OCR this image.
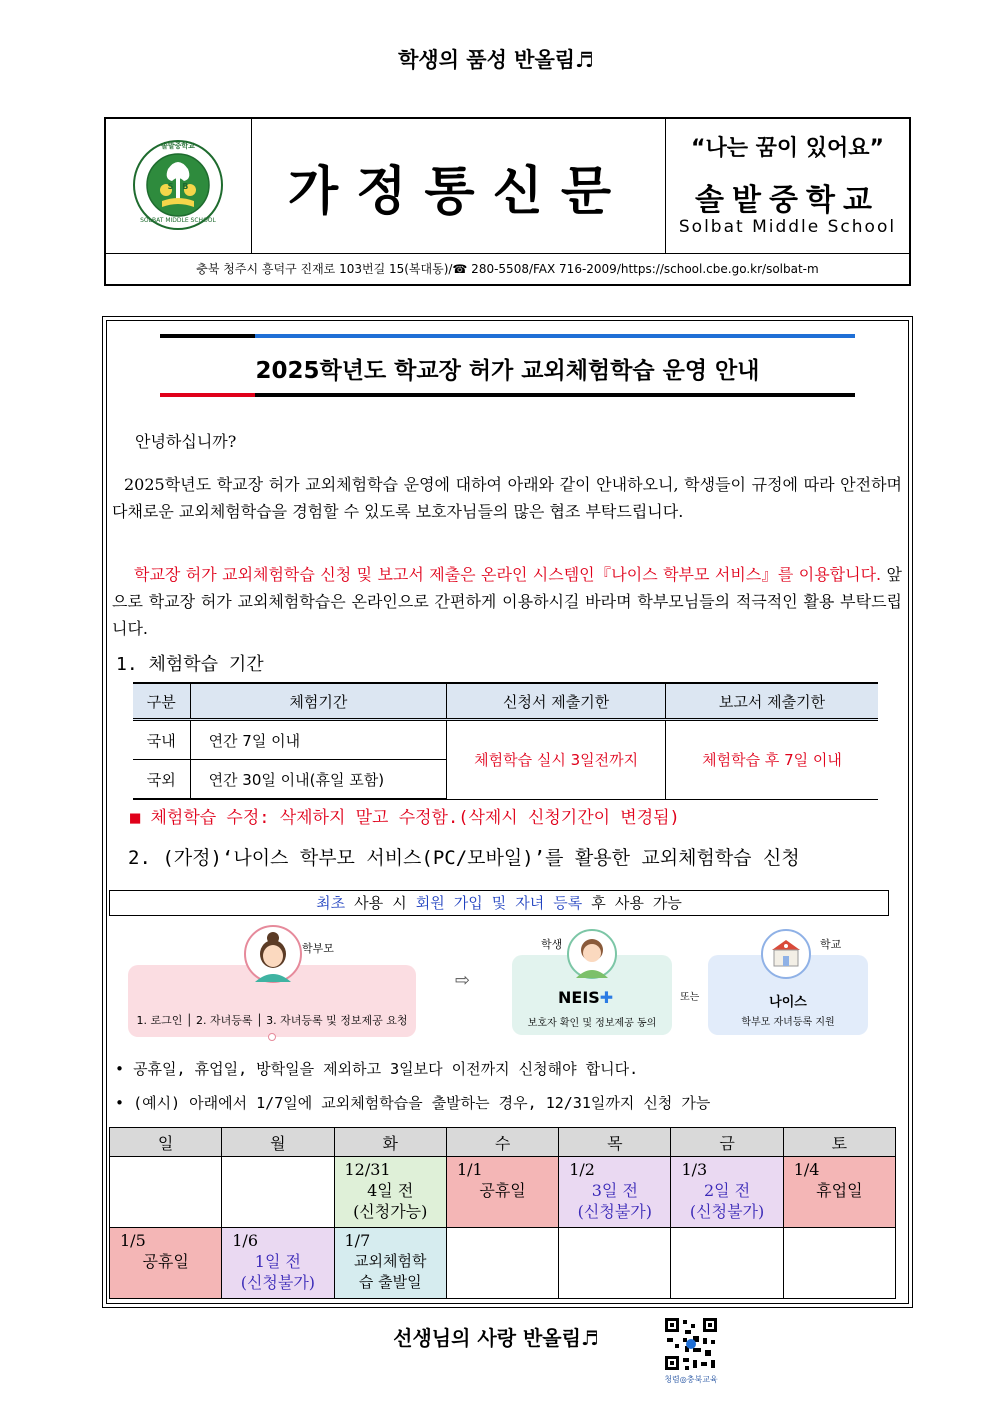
학생의 품성 반올림♬
솔밭중학교
SOLBAT MIDDLE SCHOOL
S B	가정통신문
“나는 꿈이 있어요”
솔밭중학교
Solbat Middle School
충북 청주시 흥덕구 진재로 103번길 15(복대동)/☎ 280-5508/FAX 716-2009/https://school.cbe.go.kr/solbat-m
2025학년도 학교장 허가 교외체험학습 운영 안내
안녕하십니까?
2025학년도 학교장 허가 교외체험학습 운영에 대하여 아래와 같이 안내하오니, 학생들이 규정에 따라 안전하며 다채로운 교외체험학습을 경험할 수 있도록 보호자님들의 많은 협조 부탁드립니다.
학교장 허가 교외체험학습 신청 및 보고서 제출은 온라인 시스템인『나이스 학부모 서비스』를 이용합니다. 앞으로 학교장 허가 교외체험학습은 온라인으로 간편하게 이용하시길 바라며 학부모님들의 적극적인 활용 부탁드립니다.
1. 체험학습 기간
구분	체험기간	신청서 제출기한	보고서 제출기한
국내	연간 7일 이내	체험학습 실시 3일전까지	체험학습 후 7일 이내
국외	연간 30일 이내(휴일 포함)		
■ 체험학습 수정: 삭제하지 말고 수정함.(삭제시 신청기간이 변경됨)
2. (가정)‘나이스 학부모 서비스(PC/모바일)’를 활용한 교외체험학습 신청
최초 사용 시 회원 가입 및 자녀 등록 후 사용 가능
학부모
1. 로그인 │ 2. 자녀등록 │ 3. 자녀등록 및 정보제공 요청
⇨
학생
NEIS✚
보호자 확인 및 정보제공 동의
또는
학교
나이스
학부모 자녀등록 지원
• 공휴일, 휴업일, 방학일을 제외하고 3일보다 이전까지 신청해야 합니다.
• (예시) 아래에서 1/7일에 교외체험학습을 출발하는 경우, 12/31일까지 신청 가능
일	월	화	수	목	금	토

		12/31
4일 전
(신청가능)	1/1
공휴일	1/2
3일 전
(신청불가)	1/3
2일 전
(신청불가)	1/4
휴업일

1/5
공휴일	1/6
1일 전
(신청불가)	1/7
교외체험학
습 출발일				

선생님의 사랑 반올림♬
청렴◎충북교육
